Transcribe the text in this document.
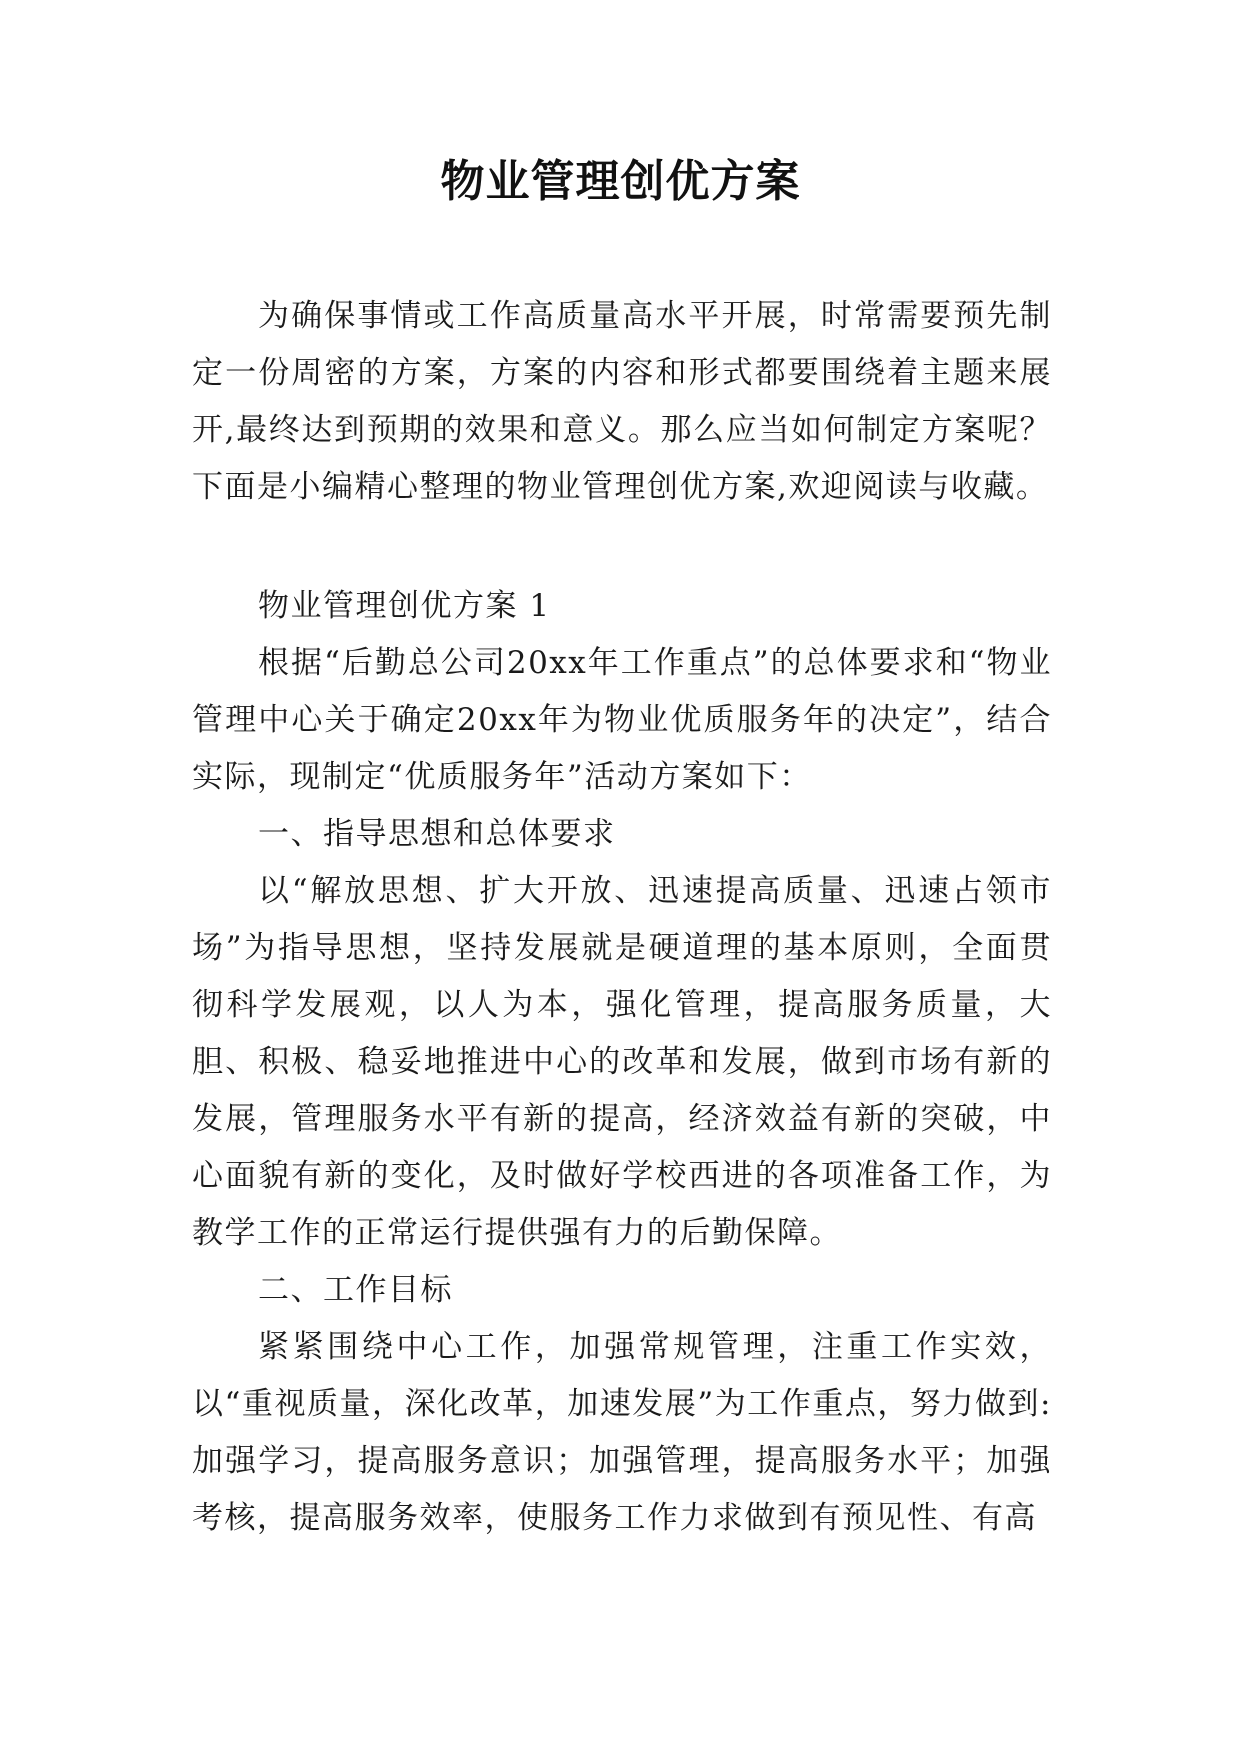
物业管理创优方案

为确保事情或工作高质量高水平开展，时常需要预先制定一份周密的方案，方案的内容和形式都要围绕着主题来展开,最终达到预期的效果和意义。那么应当如何制定方案呢？下面是小编精心整理的物业管理创优方案,欢迎阅读与收藏。

物业管理创优方案 1

根据“后勤总公司20xx年工作重点”的总体要求和“物业管理中心关于确定20xx年为物业优质服务年的决定”，结合实际，现制定“优质服务年”活动方案如下：

一、指导思想和总体要求

以“解放思想、扩大开放、迅速提高质量、迅速占领市场”为指导思想，坚持发展就是硬道理的基本原则，全面贯彻科学发展观，以人为本，强化管理，提高服务质量，大胆、积极、稳妥地推进中心的改革和发展，做到市场有新的发展，管理服务水平有新的提高，经济效益有新的突破，中心面貌有新的变化，及时做好学校西进的各项准备工作，为教学工作的正常运行提供强有力的后勤保障。

二、工作目标

紧紧围绕中心工作，加强常规管理，注重工作实效，以“重视质量，深化改革，加速发展”为工作重点，努力做到:加强学习，提高服务意识；加强管理，提高服务水平；加强考核，提高服务效率，使服务工作力求做到有预见性、有高
